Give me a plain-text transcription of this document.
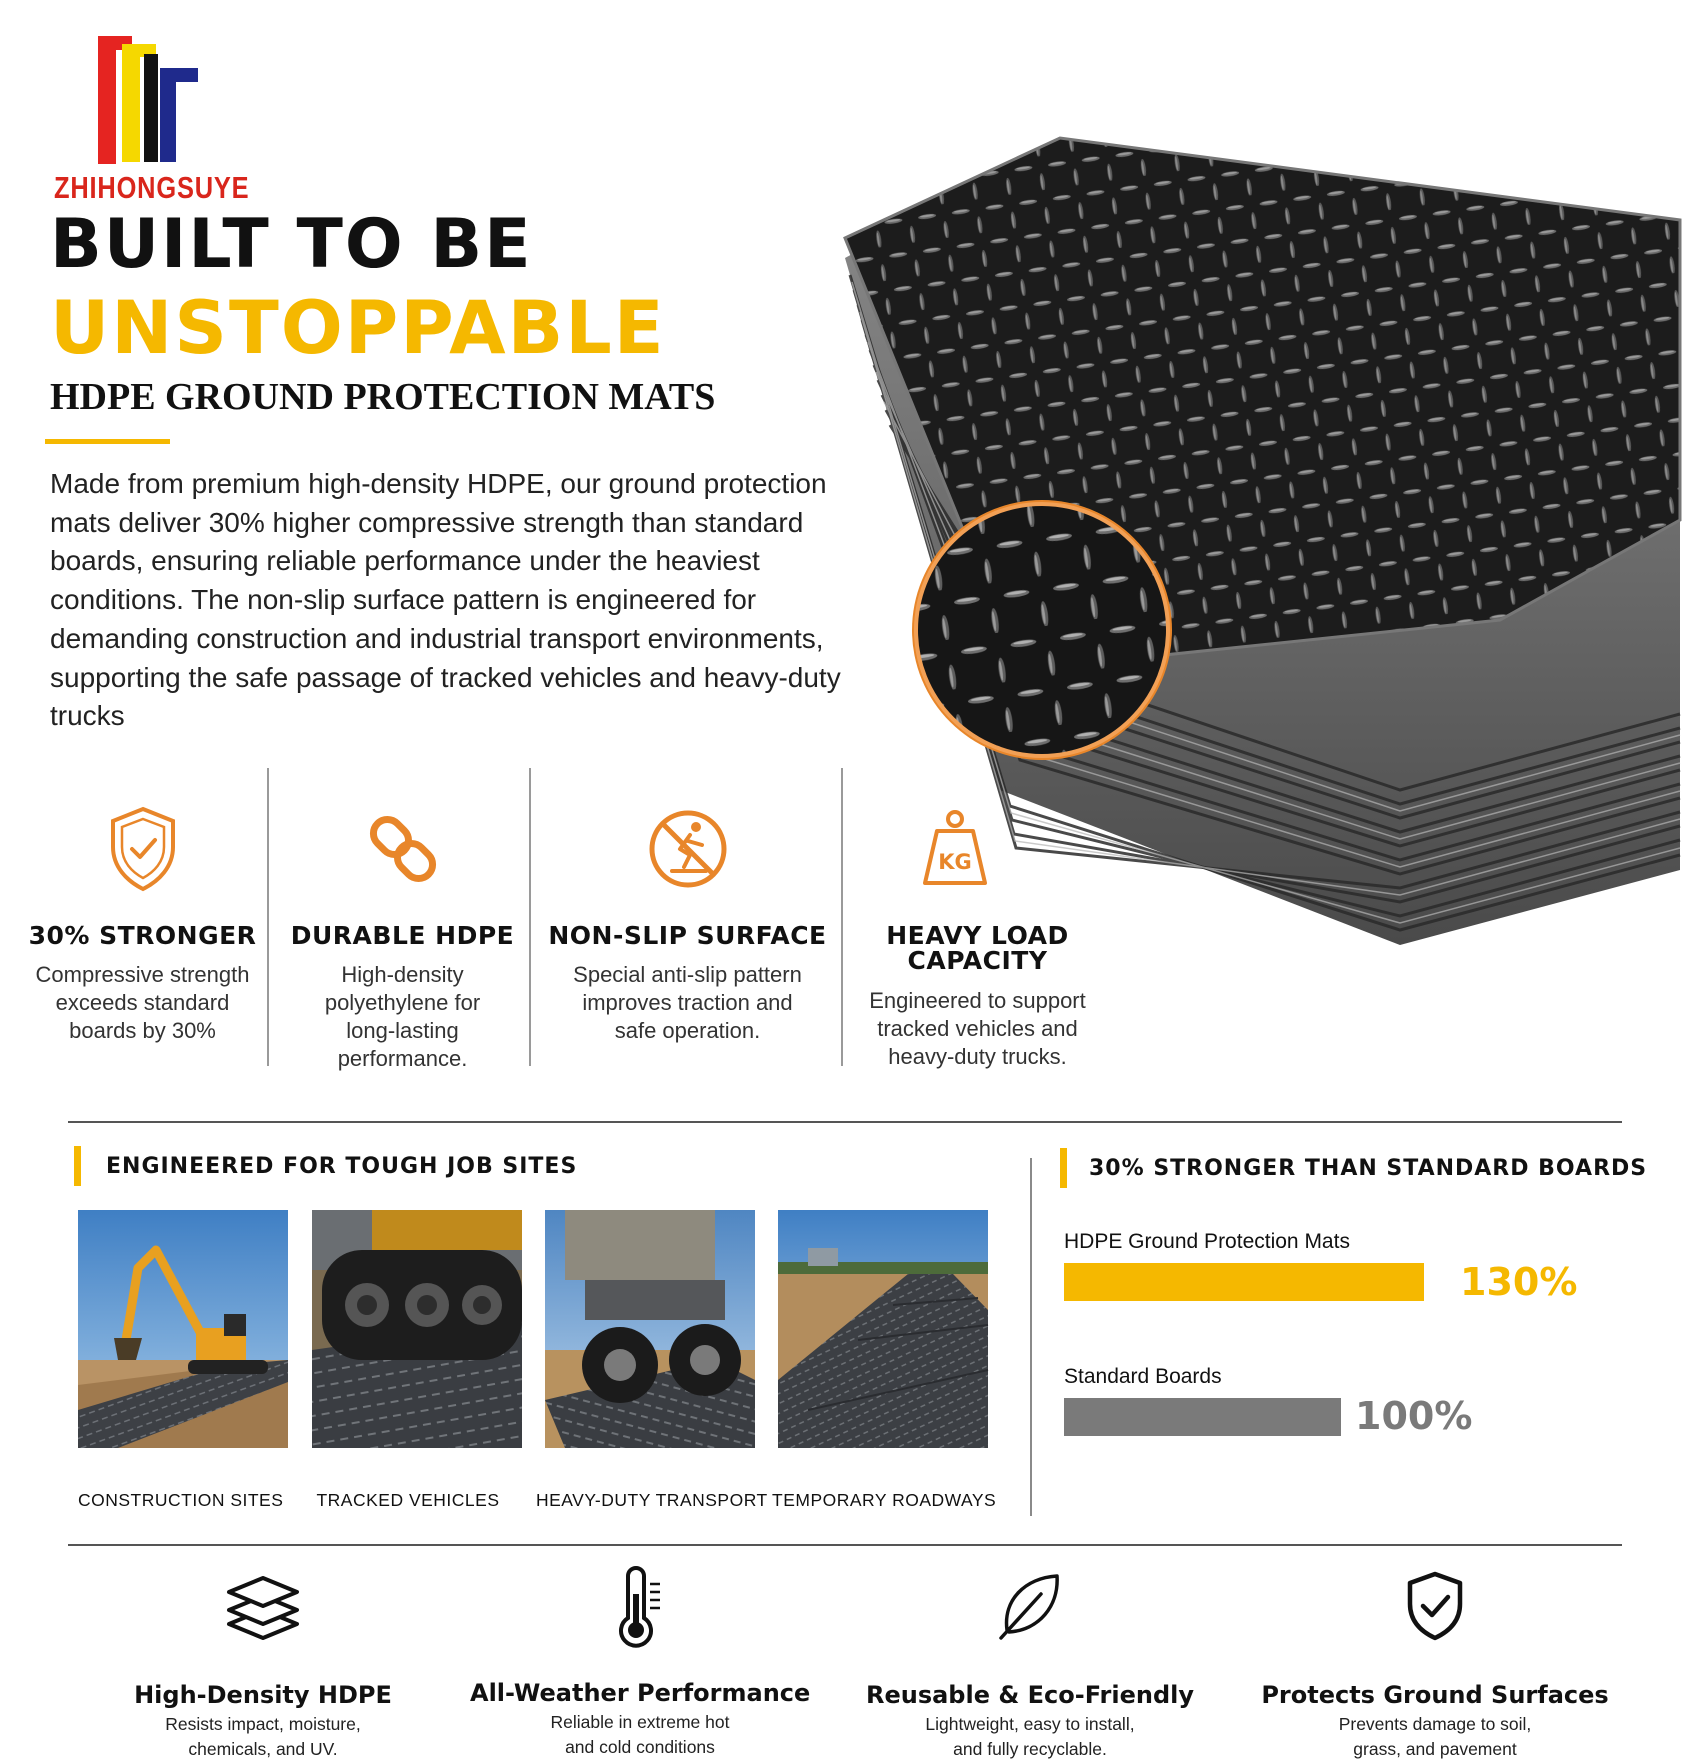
ZHIHONGSUYE
BUILT TO BE
UNSTOPPABLE
HDPE GROUND PROTECTION MATS
Made from premium high-density HDPE, our ground protection mats deliver 30% higher compressive strength than standard boards, ensuring reliable performance under the heaviest conditions. The non-slip surface pattern is engineered for demanding construction and industrial transport environments, supporting the safe passage of tracked vehicles and heavy-duty trucks
30% STRONGER
Compressive strength exceeds standard boards by 30%
DURABLE HDPE
High-density polyethylene for long-lasting performance.
NON-SLIP SURFACE
Special anti-slip pattern improves traction and safe operation.
KG
HEAVY LOAD
CAPACITY
Engineered to support tracked vehicles and heavy-duty trucks.
ENGINEERED FOR TOUGH JOB SITES
CONSTRUCTION SITES	TRACKED VEHICLES	HEAVY-DUTY TRANSPORT TEMPORARY ROADWAYS
30% STRONGER THAN STANDARD BOARDS
HDPE Ground Protection Mats
130%
Standard Boards
100%
High-Density HDPE
Resists impact, moisture,
chemicals, and UV.
All-Weather Performance
Reliable in extreme hot
and cold conditions
Reusable & Eco-Friendly
Lightweight, easy to install,
and fully recyclable.
Protects Ground Surfaces
Prevents damage to soil,
grass, and pavement
